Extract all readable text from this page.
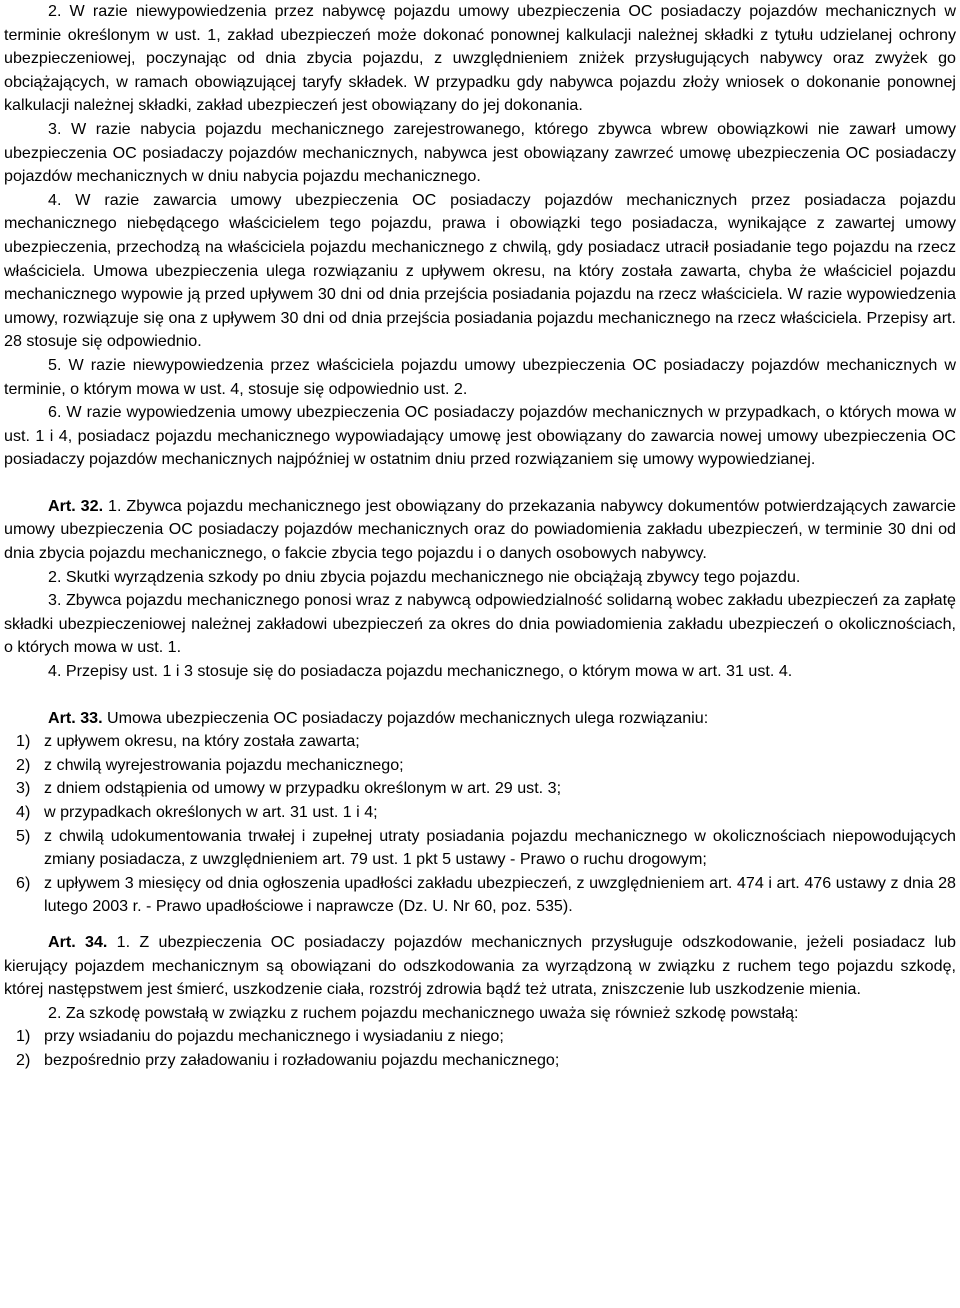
2. W razie niewypowiedzenia przez nabywcę pojazdu umowy ubezpieczenia OC posiadaczy pojazdów mechanicznych w terminie określonym w ust. 1, zakład ubezpieczeń może dokonać ponownej kalkulacji należnej składki z tytułu udzielanej ochrony ubezpieczeniowej, poczynając od dnia zbycia pojazdu, z uwzględnieniem zniżek przysługujących nabywcy oraz zwyżek go obciążających, w ramach obowiązującej taryfy składek. W przypadku gdy nabywca pojazdu złoży wniosek o dokonanie ponownej kalkulacji należnej składki, zakład ubezpieczeń jest obowiązany do jej dokonania.

3. W razie nabycia pojazdu mechanicznego zarejestrowanego, którego zbywca wbrew obowiązkowi nie zawarł umowy ubezpieczenia OC posiadaczy pojazdów mechanicznych, nabywca jest obowiązany zawrzeć umowę ubezpieczenia OC posiadaczy pojazdów mechanicznych w dniu nabycia pojazdu mechanicznego.

4. W razie zawarcia umowy ubezpieczenia OC posiadaczy pojazdów mechanicznych przez posiadacza pojazdu mechanicznego niebędącego właścicielem tego pojazdu, prawa i obowiązki tego posiadacza, wynikające z zawartej umowy ubezpieczenia, przechodzą na właściciela pojazdu mechanicznego z chwilą, gdy posiadacz utracił posiadanie tego pojazdu na rzecz właściciela. Umowa ubezpieczenia ulega rozwiązaniu z upływem okresu, na który została zawarta, chyba że właściciel pojazdu mechanicznego wypowie ją przed upływem 30 dni od dnia przejścia posiadania pojazdu na rzecz właściciela. W razie wypowiedzenia umowy, rozwiązuje się ona z upływem 30 dni od dnia przejścia posiadania pojazdu mechanicznego na rzecz właściciela. Przepisy art. 28 stosuje się odpowiednio.

5. W razie niewypowiedzenia przez właściciela pojazdu umowy ubezpieczenia OC posiadaczy pojazdów mechanicznych w terminie, o którym mowa w ust. 4, stosuje się odpowiednio ust. 2.

6. W razie wypowiedzenia umowy ubezpieczenia OC posiadaczy pojazdów mechanicznych w przypadkach, o których mowa w ust. 1 i 4, posiadacz pojazdu mechanicznego wypowiadający umowę jest obowiązany do zawarcia nowej umowy ubezpieczenia OC posiadaczy pojazdów mechanicznych najpóźniej w ostatnim dniu przed rozwiązaniem się umowy wypowiedzianej.

Art. 32. 1. Zbywca pojazdu mechanicznego jest obowiązany do przekazania nabywcy dokumentów potwierdzających zawarcie umowy ubezpieczenia OC posiadaczy pojazdów mechanicznych oraz do powiadomienia zakładu ubezpieczeń, w terminie 30 dni od dnia zbycia pojazdu mechanicznego, o fakcie zbycia tego pojazdu i o danych osobowych nabywcy.

2. Skutki wyrządzenia szkody po dniu zbycia pojazdu mechanicznego nie obciążają zbywcy tego pojazdu.

3. Zbywca pojazdu mechanicznego ponosi wraz z nabywcą odpowiedzialność solidarną wobec zakładu ubezpieczeń za zapłatę składki ubezpieczeniowej należnej zakładowi ubezpieczeń za okres do dnia powiadomienia zakładu ubezpieczeń o okolicznościach, o których mowa w ust. 1.

4. Przepisy ust. 1 i 3 stosuje się do posiadacza pojazdu mechanicznego, o którym mowa w art. 31 ust. 4.

Art. 33. Umowa ubezpieczenia OC posiadaczy pojazdów mechanicznych ulega rozwiązaniu:

1) z upływem okresu, na który została zawarta;
2) z chwilą wyrejestrowania pojazdu mechanicznego;
3) z dniem odstąpienia od umowy w przypadku określonym w art. 29 ust. 3;
4) w przypadkach określonych w art. 31 ust. 1 i 4;
5) z chwilą udokumentowania trwałej i zupełnej utraty posiadania pojazdu mechanicznego w okolicznościach niepowodujących zmiany posiadacza, z uwzględnieniem art. 79 ust. 1 pkt 5 ustawy - Prawo o ruchu drogowym;
6) z upływem 3 miesięcy od dnia ogłoszenia upadłości zakładu ubezpieczeń, z uwzględnieniem art. 474 i art. 476 ustawy z dnia 28 lutego 2003 r. - Prawo upadłościowe i naprawcze (Dz. U. Nr 60, poz. 535).

Art. 34. 1. Z ubezpieczenia OC posiadaczy pojazdów mechanicznych przysługuje odszkodowanie, jeżeli posiadacz lub kierujący pojazdem mechanicznym są obowiązani do odszkodowania za wyrządzoną w związku z ruchem tego pojazdu szkodę, której następstwem jest śmierć, uszkodzenie ciała, rozstrój zdrowia bądź też utrata, zniszczenie lub uszkodzenie mienia.

2. Za szkodę powstałą w związku z ruchem pojazdu mechanicznego uważa się również szkodę powstałą:

1) przy wsiadaniu do pojazdu mechanicznego i wysiadaniu z niego;
2) bezpośrednio przy załadowaniu i rozładowaniu pojazdu mechanicznego;
